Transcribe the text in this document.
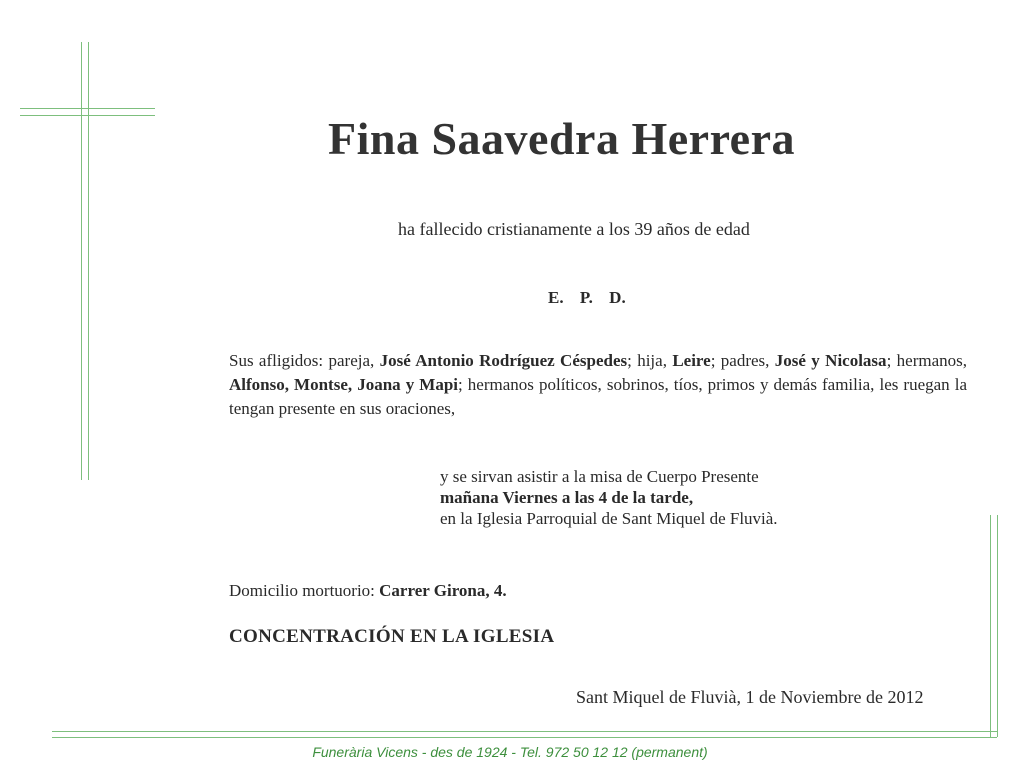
Fina Saavedra Herrera
ha fallecido cristianamente a los 39 años de edad
E. P. D.
Sus afligidos: pareja, José Antonio Rodríguez Céspedes; hija, Leire; padres, José y Nicolasa; hermanos, Alfonso, Montse, Joana y Mapi; hermanos políticos, sobrinos, tíos, primos y demás familia, les ruegan la tengan presente en sus oraciones,
y se sirvan asistir a la misa de Cuerpo Presente
mañana Viernes a las 4 de la tarde,
en la Iglesia Parroquial de Sant Miquel de Fluvià.
Domicilio mortuorio: Carrer Girona, 4.
CONCENTRACIÓN EN LA IGLESIA
Sant Miquel de Fluvià, 1 de Noviembre de 2012
Funerària Vicens - des de 1924 - Tel. 972 50 12 12 (permanent)
